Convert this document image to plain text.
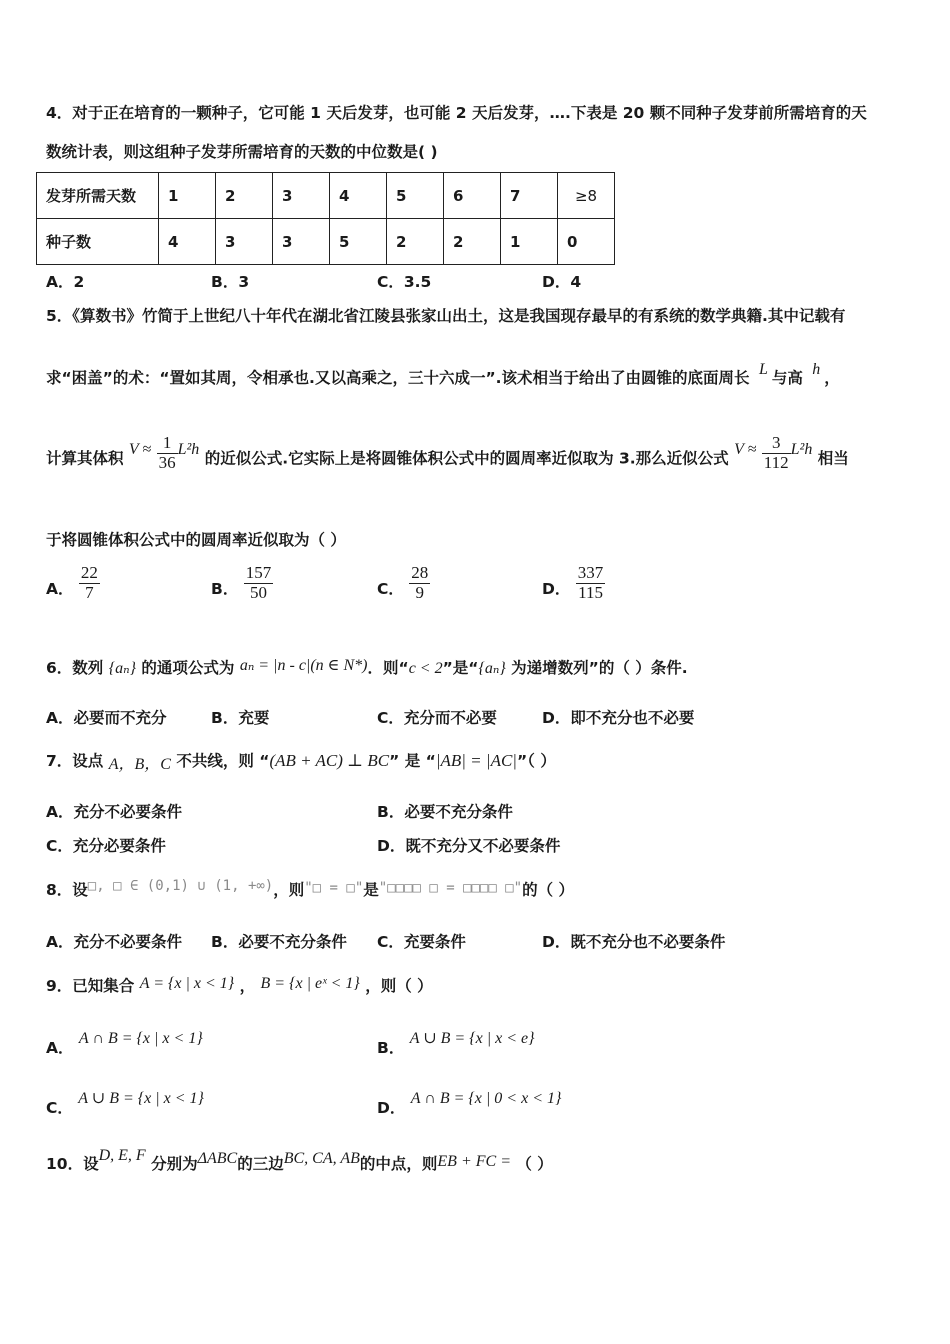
4．对于正在培育的一颗种子，它可能 1 天后发芽，也可能 2 天后发芽，….下表是 20 颗不同种子发芽前所需培育的天
数统计表，则这组种子发芽所需培育的天数的中位数是( )
发芽所需天数	1	2	3	4	5	6	7	≥8
种子数	4	3	3	5	2	2	1	0
A．2	B．3	C．3.5	D．4
5．《算数书》竹简于上世纪八十年代在湖北省江陵县张家山出土，这是我国现存最早的有系统的数学典籍.其中记载有
求“困盖”的术：“置如其周，令相承也.又以高乘之，三十六成一”.该术相当于给出了由圆锥的底面周长 L 与高 h ，
计算其体积 $V \approx \frac{1}{36} L^2h$ 的近似公式.它实际上是将圆锥体积公式中的圆周率近似取为 3.那么近似公式 $V \approx \frac{3}{112} L^2h$ 相当
于将圆锥体积公式中的圆周率近似取为（ ）
A． $\frac{22}{7}$	B． $\frac{157}{50}$	C． $\frac{28}{9}$	D． $\frac{337}{115}$
6．数列 {aₙ} 的通项公式为 aₙ = |n - c|(n ∈ N*)．则“c < 2”是“{aₙ} 为递增数列”的（ ）条件.
A．必要而不充分	B．充要	C．充分而不必要	D．即不充分也不必要
7．设点 A，B，C 不共线，则 “(AB + AC) ⊥ BC” 是 “|AB| = |AC|”（ ）
A．充分不必要条件	B．必要不充分条件
C．充分必要条件	D．既不充分又不必要条件
8．设□, □ ∈ (0,1) ∪ (1, +∞)，则"□ = □"是"□□□□ □ = □□□□ □"的（ ）
A．充分不必要条件 B．必要不充分条件 C．充要条件	D．既不充分也不必要条件
9．已知集合 A = {x | x < 1} ， B = {x | eˣ < 1} ，则（ ）
A． A ∩ B = {x | x < 1}
B． A ∪ B = {x | x < e}
C． A ∪ B = {x | x < 1}
D． A ∩ B = {x | 0 < x < 1}
10．设D, E, F 分别为ΔABC的三边BC, CA, AB的中点，则EB + FC = （ ）
